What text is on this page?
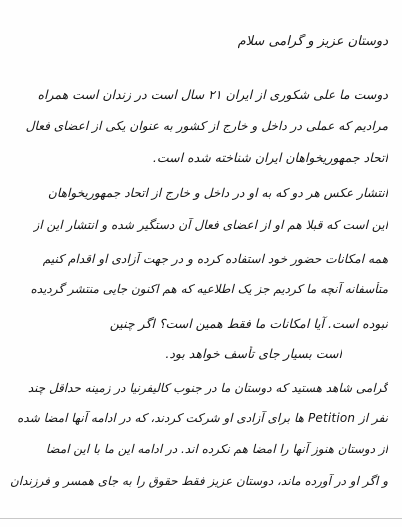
دوستان عزیز و گرامی سلام
دوست ما علی شکوری از ایران ۲۱ سال است در زندان است همراه
مرادیم که عملی در داخل و خارج از کشور به عنوان یکی از اعضای فعال
اتحاد جمهوریخواهان ایران شناخته شده است.
انتشار عکس هر دو که به او در داخل و خارج از اتحاد جمهوریخواهان
این است که قبلا هم او از اعضای فعال آن دستگیر شده و انتشار این از
همه امکانات حضور خود استفاده کرده و در جهت آزادی او اقدام کنیم
متأسفانه آنچه ما کردیم جز یک اطلاعیه که هم اکنون جایی منتشر گردیده
نبوده است. آیا امکانات ما فقط همین است؟ اگر چنین
است بسیار جای تأسف خواهد بود.
گرامی شاهد هستید که دوستان ما در جنوب کالیفرنیا در زمینه حداقل چند
نفر از Petition ها برای آزادی او شرکت کردند، که در ادامه آنها امضا شده
از دوستان هنوز آنها را امضا هم نکرده اند. در ادامه این ما با این امضا
و اگر او در آورده ماند، دوستان عزیز فقط حقوق را به جای همسر و فرزندان
